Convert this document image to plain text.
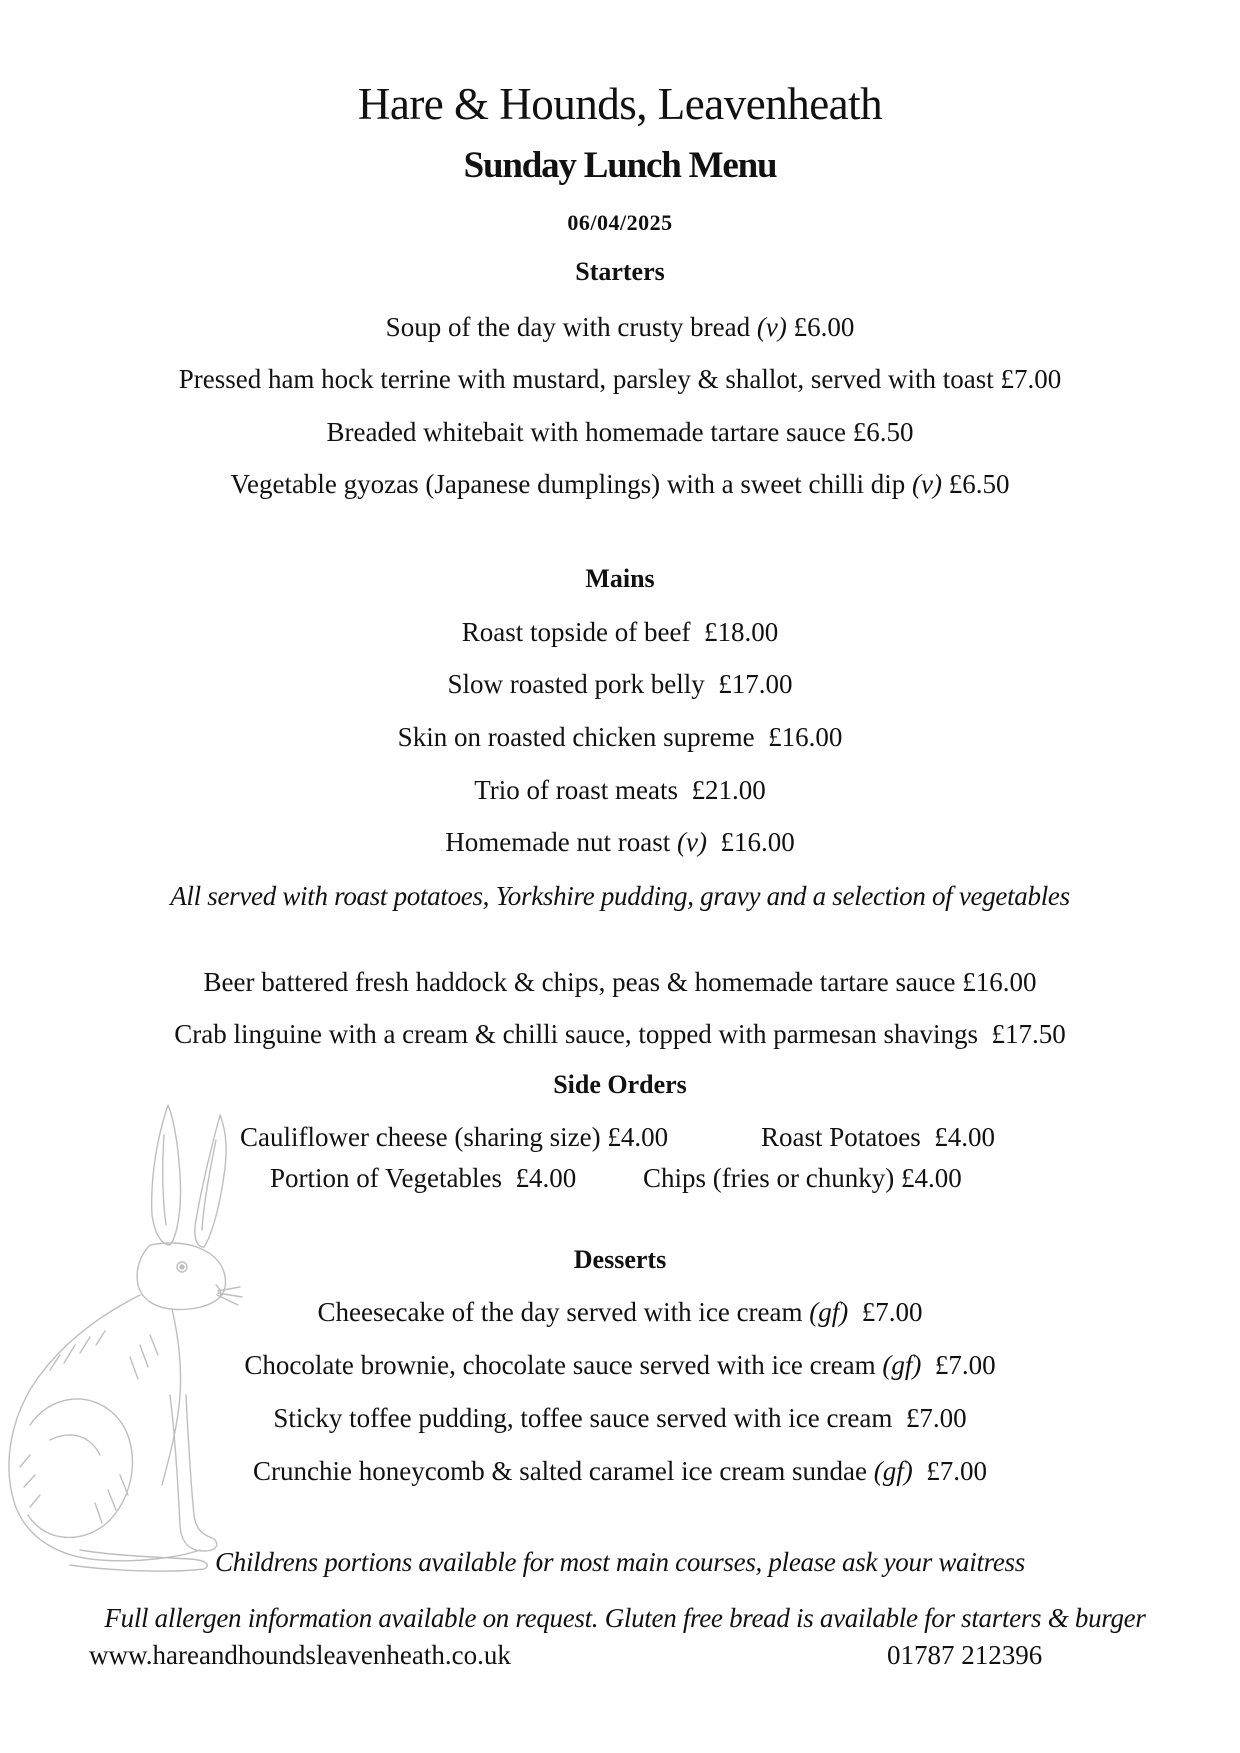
Hare & Hounds, Leavenheath
Sunday Lunch Menu
06/04/2025
Starters
Soup of the day with crusty bread (v) £6.00
Pressed ham hock terrine with mustard, parsley & shallot, served with toast £7.00
Breaded whitebait with homemade tartare sauce £6.50
Vegetable gyozas (Japanese dumplings) with a sweet chilli dip (v) £6.50
Mains
Roast topside of beef £18.00
Slow roasted pork belly £17.00
Skin on roasted chicken supreme £16.00
Trio of roast meats £21.00
Homemade nut roast (v) £16.00
All served with roast potatoes, Yorkshire pudding, gravy and a selection of vegetables
Beer battered fresh haddock & chips, peas & homemade tartare sauce £16.00
Crab linguine with a cream & chilli sauce, topped with parmesan shavings £17.50
Side Orders
Cauliflower cheese (sharing size) £4.00	Roast Potatoes £4.00
Portion of Vegetables £4.00 Chips (fries or chunky) £4.00
Desserts
Cheesecake of the day served with ice cream (gf) £7.00
Chocolate brownie, chocolate sauce served with ice cream (gf) £7.00
Sticky toffee pudding, toffee sauce served with ice cream £7.00
Crunchie honeycomb & salted caramel ice cream sundae (gf) £7.00
Childrens portions available for most main courses, please ask your waitress
Full allergen information available on request. Gluten free bread is available for starters & burger
www.hareandhoundsleavenheath.co.uk	01787 212396
